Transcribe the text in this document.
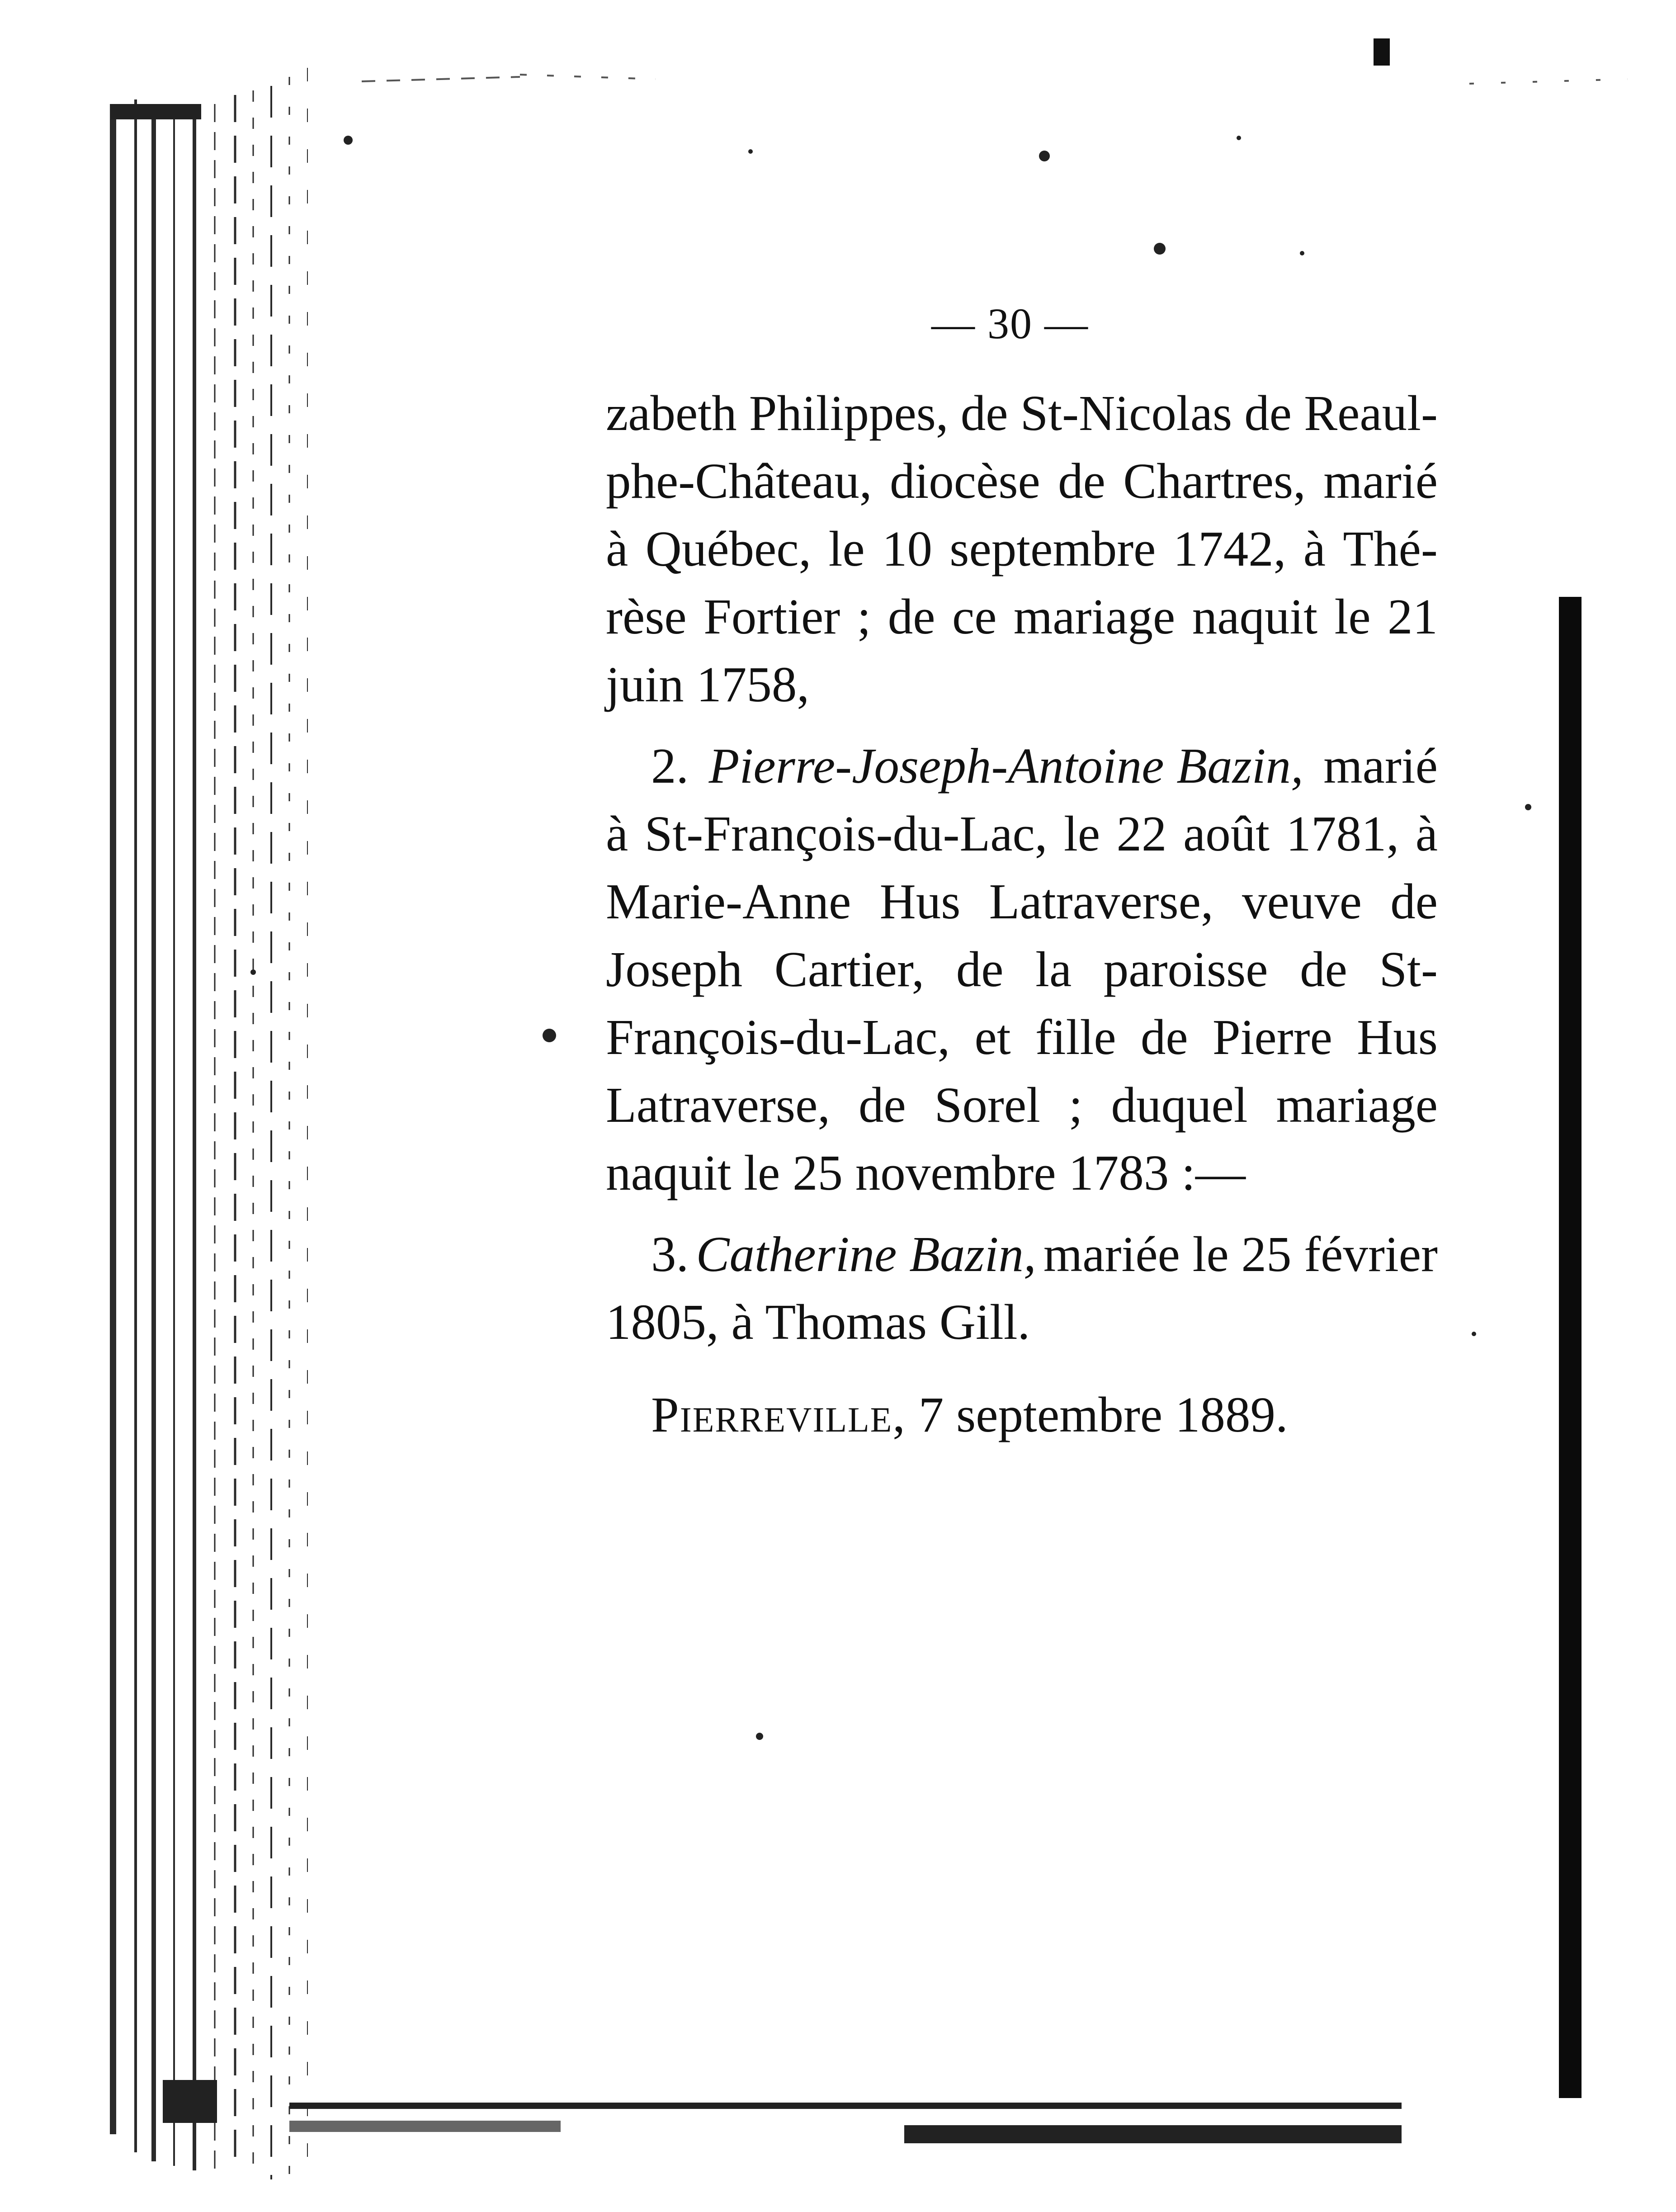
— 30 —
zabeth Philippes, de St-Nicolas de Reaul-
phe-Château, diocèse de Chartres, marié
à Québec, le 10 septembre 1742, à Thé-
rèse Fortier ; de ce mariage naquit le 21
juin 1758,
2. Pierre-Joseph-Antoine Bazin, marié
à St-François-du-Lac, le 22 août 1781, à
Marie-Anne Hus Latraverse, veuve de
Joseph Cartier, de la paroisse de St-
François-du-Lac, et fille de Pierre Hus
Latraverse, de Sorel ; duquel mariage
naquit le 25 novembre 1783 :—
3. Catherine Bazin, mariée le 25 février
1805, à Thomas Gill.
Pierreville, 7 septembre 1889.
